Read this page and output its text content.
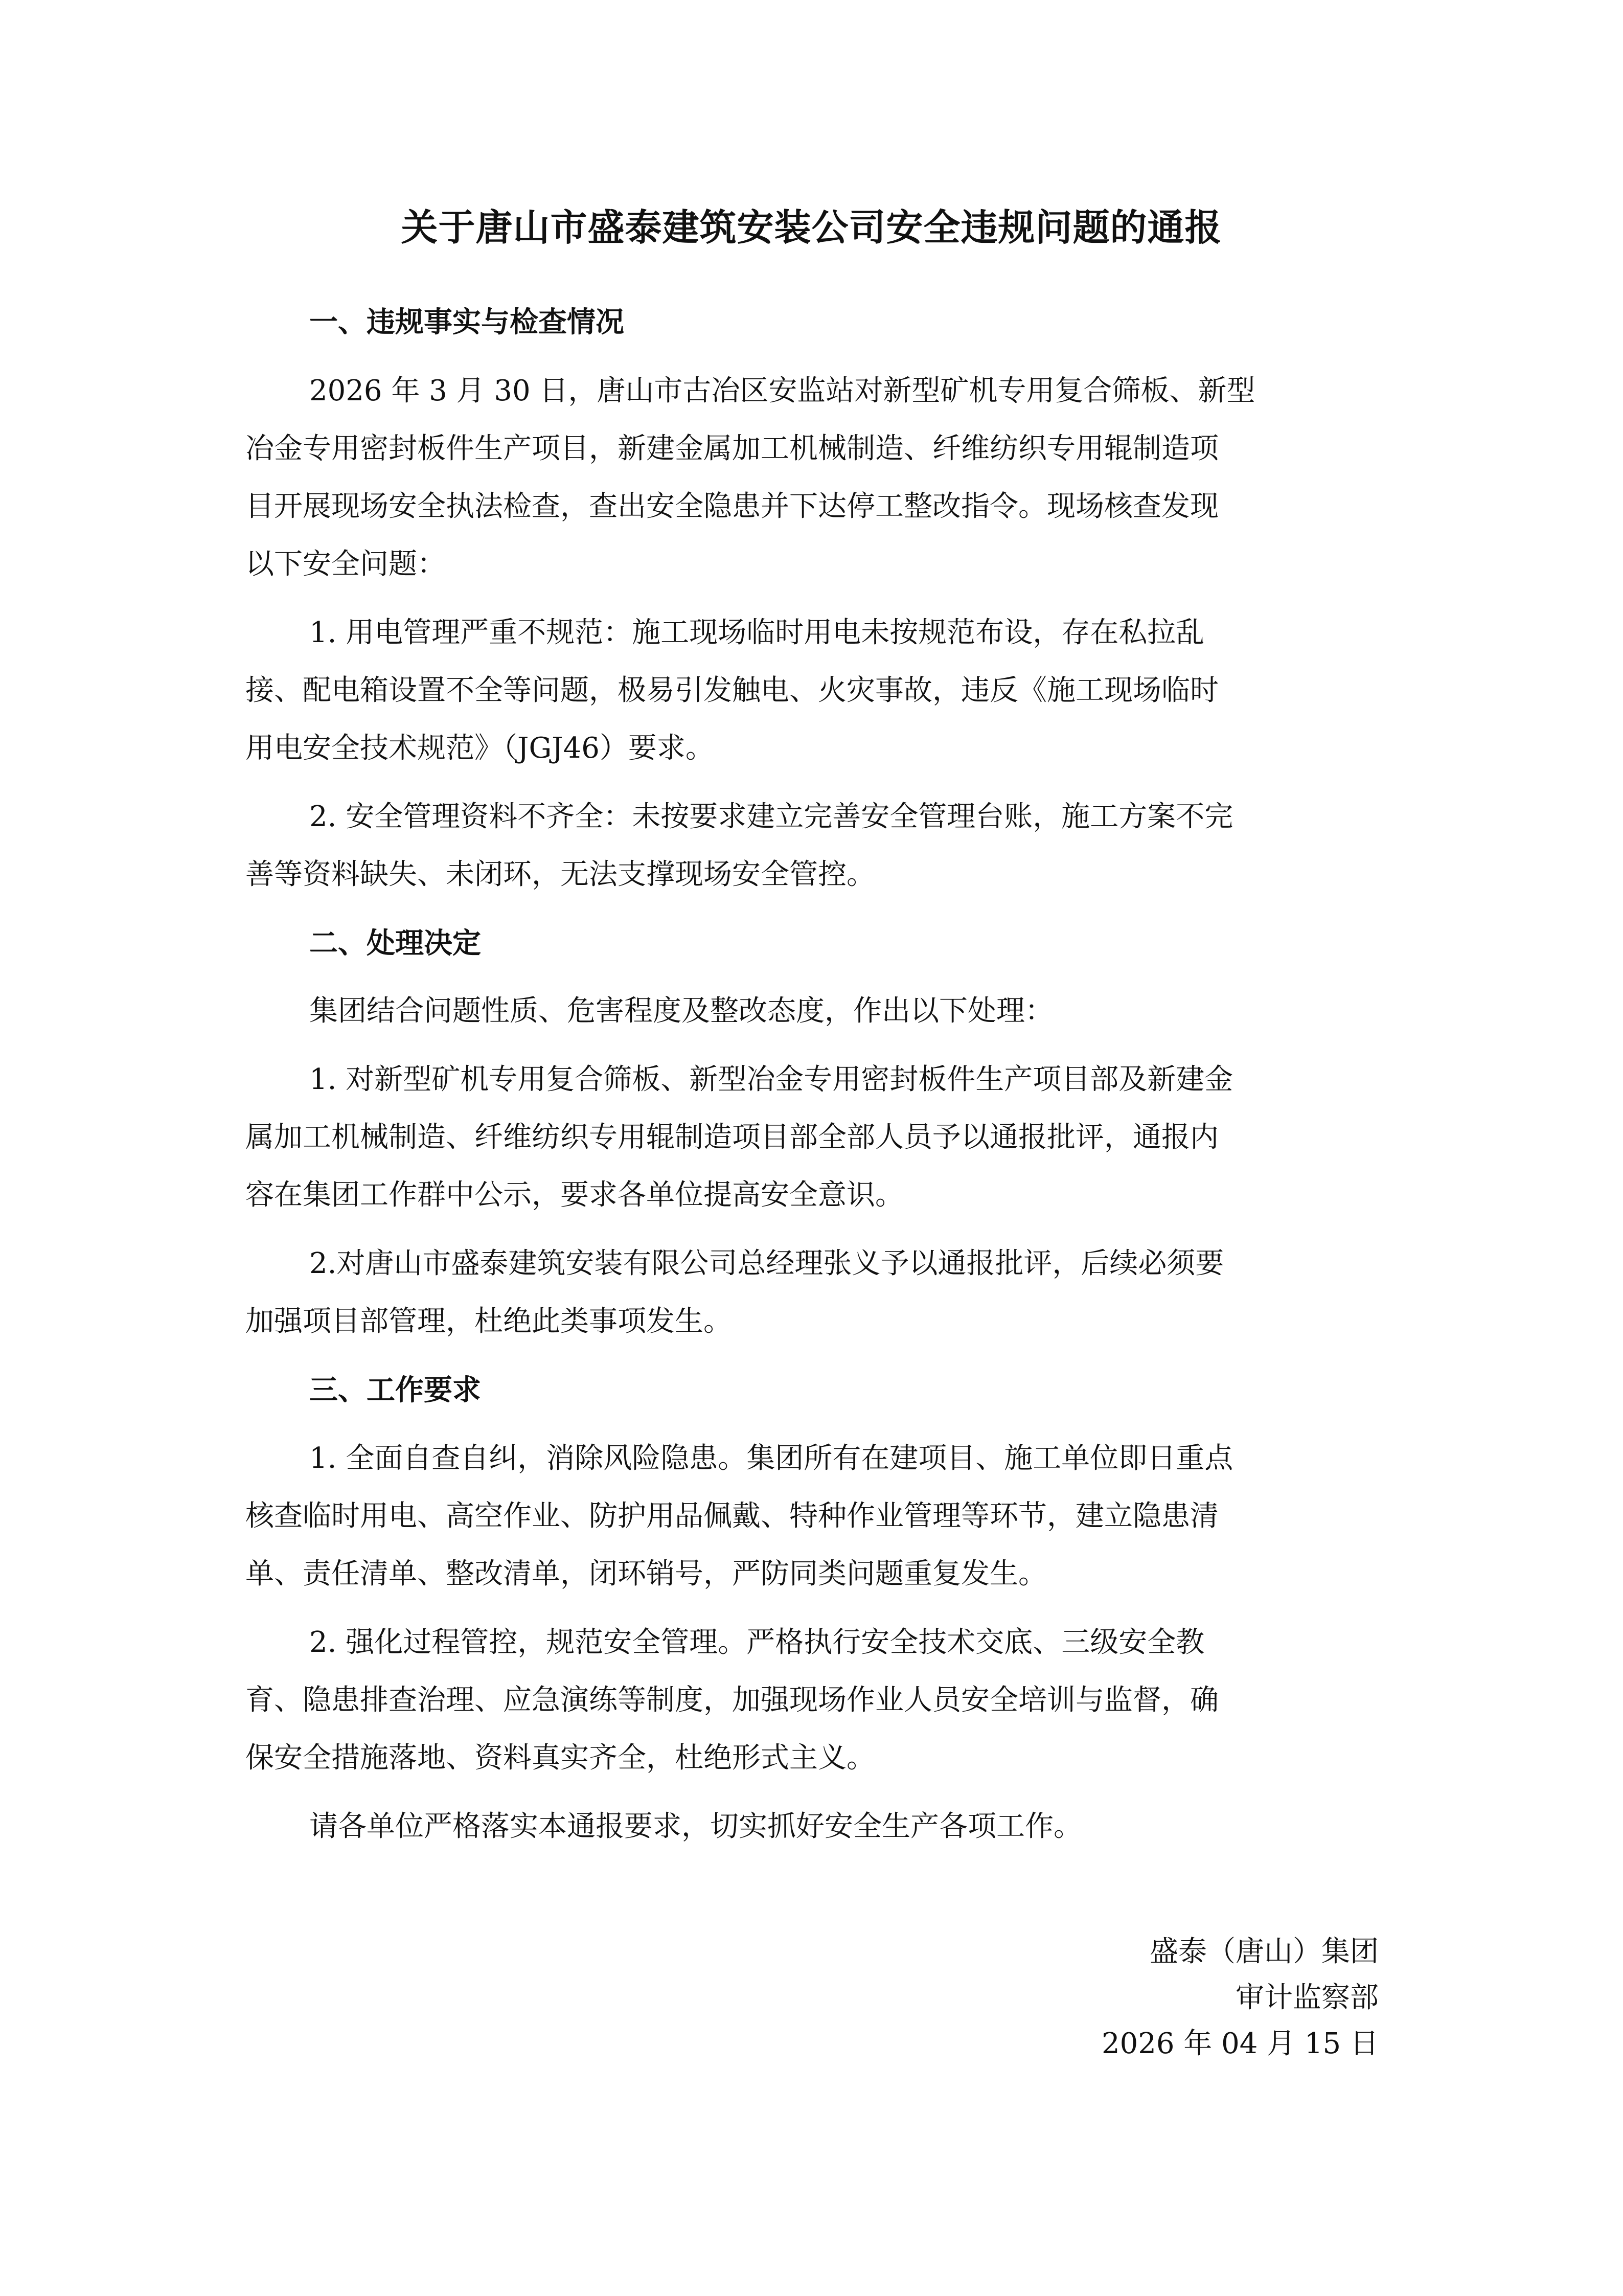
关于唐山市盛泰建筑安装公司安全违规问题的通报
一、违规事实与检查情况
2026 年 3 月 30 日，唐山市古冶区安监站对新型矿机专用复合筛板、新型
冶金专用密封板件生产项目，新建金属加工机械制造、纤维纺织专用辊制造项
目开展现场安全执法检查，查出安全隐患并下达停工整改指令。现场核查发现
以下安全问题：
1. 用电管理严重不规范：施工现场临时用电未按规范布设，存在私拉乱
接、配电箱设置不全等问题，极易引发触电、火灾事故，违反《施工现场临时
用电安全技术规范》（JGJ46）要求。
2. 安全管理资料不齐全：未按要求建立完善安全管理台账，施工方案不完
善等资料缺失、未闭环，无法支撑现场安全管控。
二、处理决定
集团结合问题性质、危害程度及整改态度，作出以下处理：
1. 对新型矿机专用复合筛板、新型冶金专用密封板件生产项目部及新建金
属加工机械制造、纤维纺织专用辊制造项目部全部人员予以通报批评，通报内
容在集团工作群中公示，要求各单位提高安全意识。
2.对唐山市盛泰建筑安装有限公司总经理张义予以通报批评，后续必须要
加强项目部管理，杜绝此类事项发生。
三、工作要求
1. 全面自查自纠，消除风险隐患。集团所有在建项目、施工单位即日重点
核查临时用电、高空作业、防护用品佩戴、特种作业管理等环节，建立隐患清
单、责任清单、整改清单，闭环销号，严防同类问题重复发生。
2. 强化过程管控，规范安全管理。严格执行安全技术交底、三级安全教
育、隐患排查治理、应急演练等制度，加强现场作业人员安全培训与监督，确
保安全措施落地、资料真实齐全，杜绝形式主义。
请各单位严格落实本通报要求，切实抓好安全生产各项工作。
盛泰（唐山）集团
审计监察部
2026 年 04 月 15 日
